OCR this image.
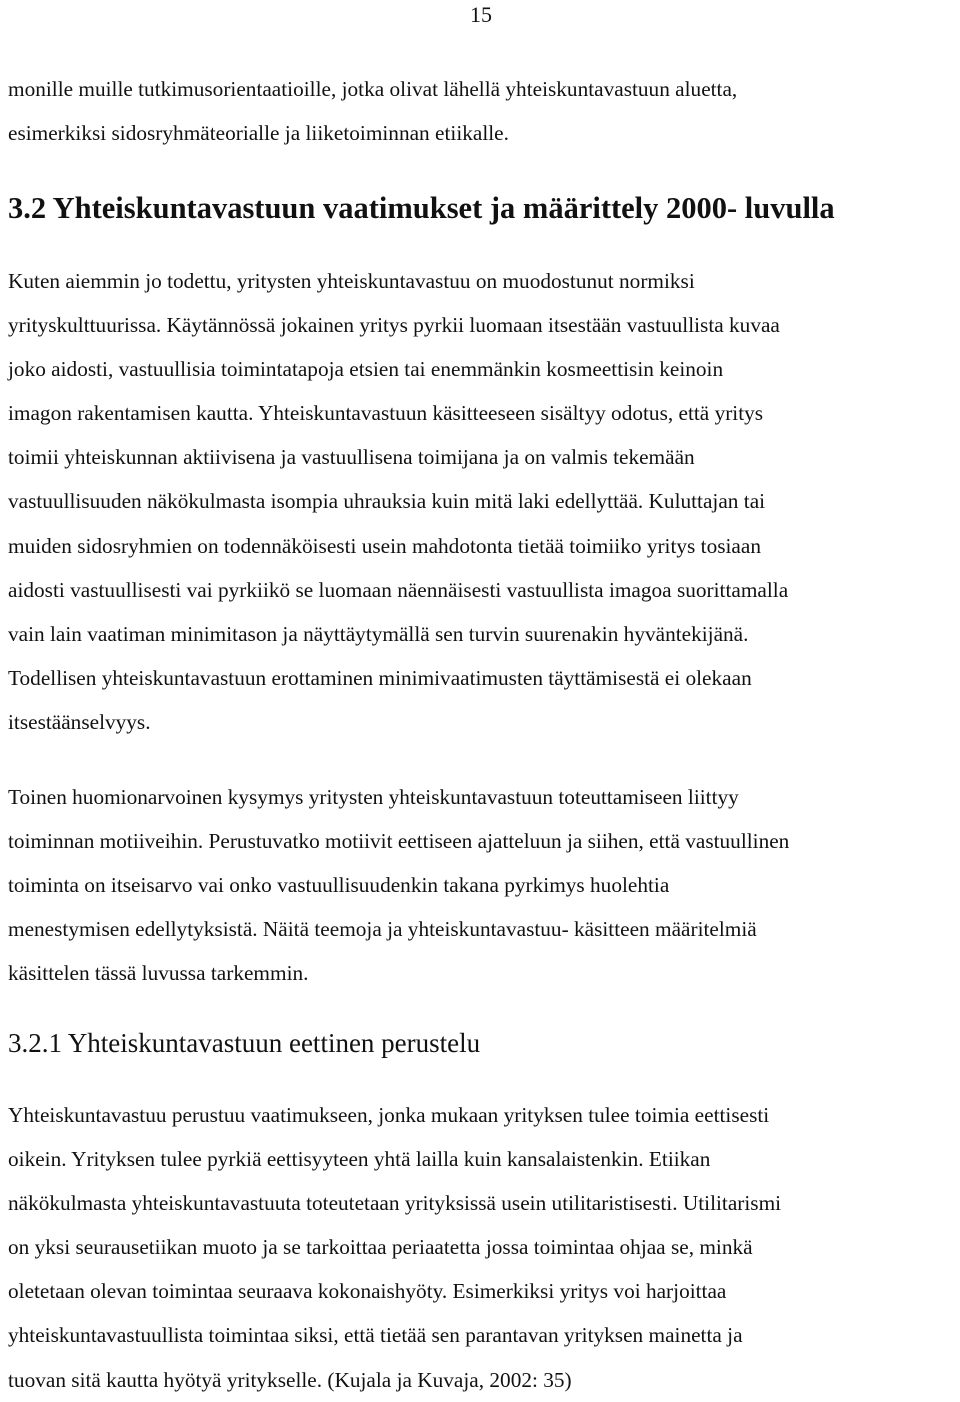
15
monille muille tutkimusorientaatioille, jotka olivat lähellä yhteiskuntavastuun aluetta,
esimerkiksi sidosryhmäteorialle ja liiketoiminnan etiikalle.
3.2 Yhteiskuntavastuun vaatimukset ja määrittely 2000- luvulla
Kuten aiemmin jo todettu, yritysten yhteiskuntavastuu on muodostunut normiksi
yrityskulttuurissa. Käytännössä jokainen yritys pyrkii luomaan itsestään vastuullista kuvaa
joko aidosti, vastuullisia toimintatapoja etsien tai enemmänkin kosmeettisin keinoin
imagon rakentamisen kautta. Yhteiskuntavastuun käsitteeseen sisältyy odotus, että yritys
toimii yhteiskunnan aktiivisena ja vastuullisena toimijana ja on valmis tekemään
vastuullisuuden näkökulmasta isompia uhrauksia kuin mitä laki edellyttää. Kuluttajan tai
muiden sidosryhmien on todennäköisesti usein mahdotonta tietää toimiiko yritys tosiaan
aidosti vastuullisesti vai pyrkiikö se luomaan näennäisesti vastuullista imagoa suorittamalla
vain lain vaatiman minimitason ja näyttäytymällä sen turvin suurenakin hyväntekijänä.
Todellisen yhteiskuntavastuun erottaminen minimivaatimusten täyttämisestä ei olekaan
itsestäänselvyys.
Toinen huomionarvoinen kysymys yritysten yhteiskuntavastuun toteuttamiseen liittyy
toiminnan motiiveihin. Perustuvatko motiivit eettiseen ajatteluun ja siihen, että vastuullinen
toiminta on itseisarvo vai onko vastuullisuudenkin takana pyrkimys huolehtia
menestymisen edellytyksistä. Näitä teemoja ja yhteiskuntavastuu- käsitteen määritelmiä
käsittelen tässä luvussa tarkemmin.
3.2.1 Yhteiskuntavastuun eettinen perustelu
Yhteiskuntavastuu perustuu vaatimukseen, jonka mukaan yrityksen tulee toimia eettisesti
oikein. Yrityksen tulee pyrkiä eettisyyteen yhtä lailla kuin kansalaistenkin. Etiikan
näkökulmasta yhteiskuntavastuuta toteutetaan yrityksissä usein utilitaristisesti. Utilitarismi
on yksi seurausetiikan muoto ja se tarkoittaa periaatetta jossa toimintaa ohjaa se, minkä
oletetaan olevan toimintaa seuraava kokonaishyöty. Esimerkiksi yritys voi harjoittaa
yhteiskuntavastuullista toimintaa siksi, että tietää sen parantavan yrityksen mainetta ja
tuovan sitä kautta hyötyä yritykselle. (Kujala ja Kuvaja, 2002: 35)
